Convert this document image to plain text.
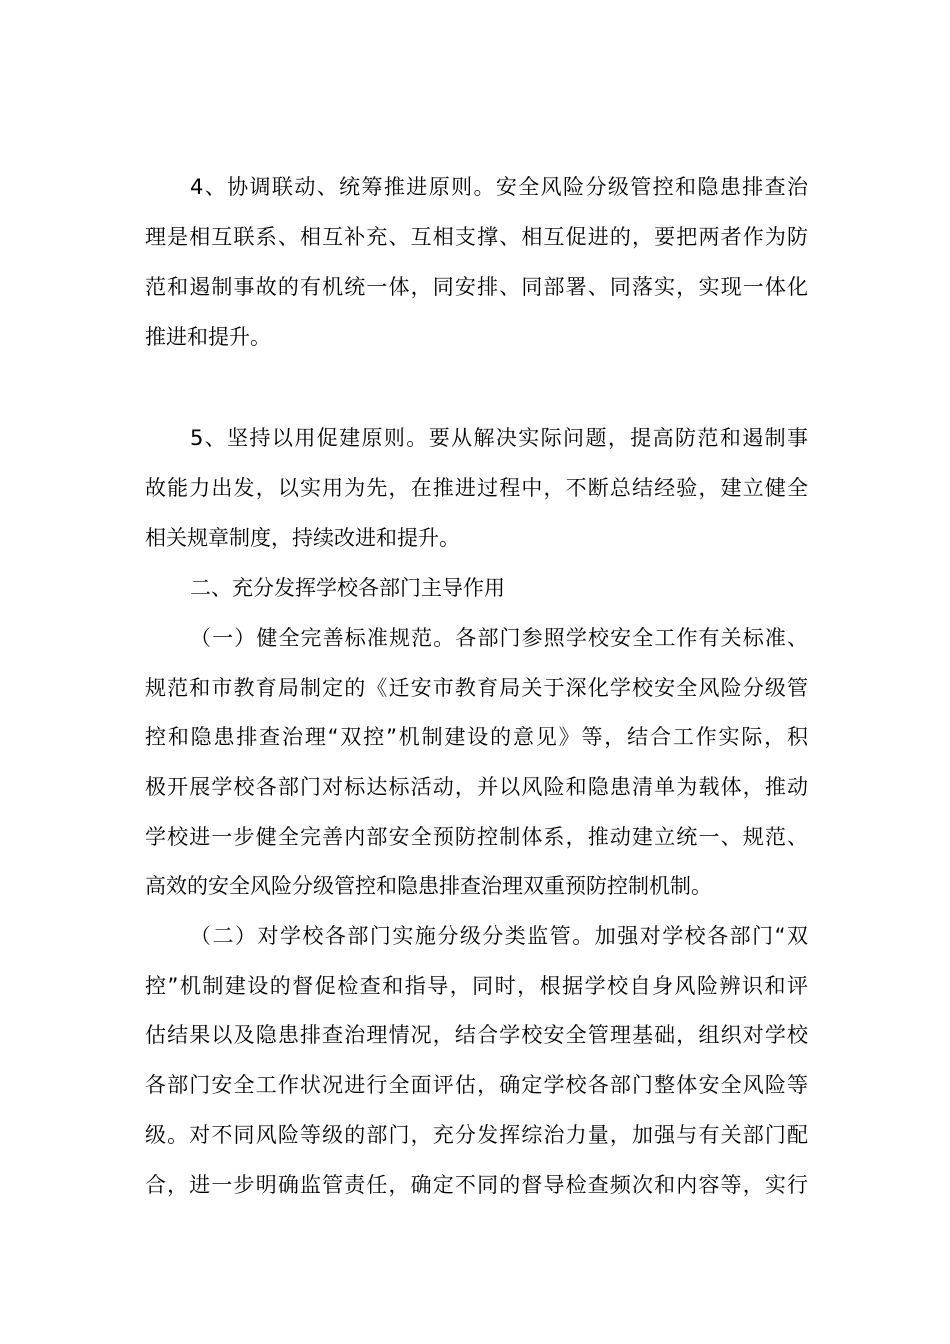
4、协调联动、统筹推进原则。安全风险分级管控和隐患排查治
理是相互联系、相互补充、互相支撑、相互促进的，要把两者作为防
范和遏制事故的有机统一体，同安排、同部署、同落实，实现一体化
推进和提升。
5、坚持以用促建原则。要从解决实际问题，提高防范和遏制事
故能力出发，以实用为先，在推进过程中，不断总结经验，建立健全
相关规章制度，持续改进和提升。
二、充分发挥学校各部门主导作用
（一）健全完善标准规范。各部门参照学校安全工作有关标准、
规范和市教育局制定的《迁安市教育局关于深化学校安全风险分级管
控和隐患排查治理“双控”机制建设的意见》等，结合工作实际，积
极开展学校各部门对标达标活动，并以风险和隐患清单为载体，推动
学校进一步健全完善内部安全预防控制体系，推动建立统一、规范、
高效的安全风险分级管控和隐患排查治理双重预防控制机制。
（二）对学校各部门实施分级分类监管。加强对学校各部门“双
控”机制建设的督促检查和指导，同时，根据学校自身风险辨识和评
估结果以及隐患排查治理情况，结合学校安全管理基础，组织对学校
各部门安全工作状况进行全面评估，确定学校各部门整体安全风险等
级。对不同风险等级的部门，充分发挥综治力量，加强与有关部门配
合，进一步明确监管责任，确定不同的督导检查频次和内容等，实行
